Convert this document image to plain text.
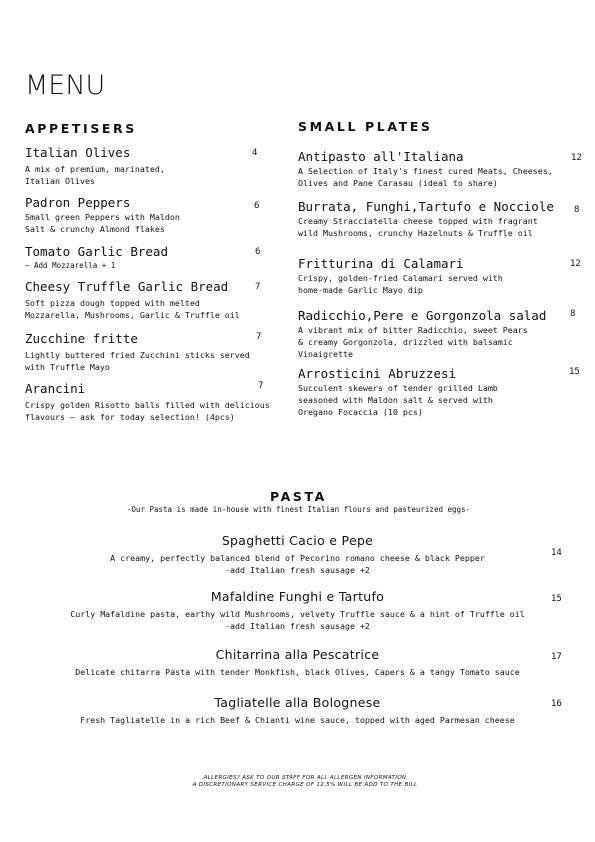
MENU
APPETISERS
Italian Olives
A mix of premium, marinated,
Italian Olives
4
Padron Peppers
Small green Peppers with Maldon
Salt & crunchy Almond flakes
6
Tomato Garlic Bread
– Add Mozzarella + 1
6
Cheesy Truffle Garlic Bread
Soft pizza dough topped with melted
Mozzarella, Mushrooms, Garlic & Truffle oil
7
Zucchine fritte
Lightly buttered fried Zucchini sticks served
with Truffle Mayo
7
Arancini
Crispy golden Risotto balls filled with delicious
flavours – ask for today selection! (4pcs)
7
SMALL PLATES
Antipasto all'Italiana
A Selection of Italy's finest cured Meats, Cheeses,
Olives and Pane Carasau (ideal to share)
12
Burrata, Funghi,Tartufo e Nocciole
Creamy Stracciatella cheese topped with fragrant
wild Mushrooms, crunchy Hazelnuts & Truffle oil
8
Fritturina di Calamari
Crispy, golden-fried Calamari served with
home-made Garlic Mayo dip
12
Radicchio,Pere e Gorgonzola salad
A vibrant mix of bitter Radicchio, sweet Pears
& creamy Gorgonzola, drizzled with balsamic
Vinaigrette
8
Arrosticini Abruzzesi
Succulent skewers of tender grilled Lamb
seasoned with Maldon salt & served with
Oregano Focaccia (10 pcs)
15
PASTA
-Our Pasta is made in-house with finest Italian flours and pasteurized eggs-
Spaghetti Cacio e Pepe
A creamy, perfectly balanced blend of Pecorino romano cheese & black Pepper
-add Italian fresh sausage +2
14
Mafaldine Funghi e Tartufo
Curly Mafaldine pasta, earthy wild Mushrooms, velvety Truffle sauce & a hint of Truffle oil
-add Italian fresh sausage +2
15
Chitarrina alla Pescatrice
Delicate chitarra Pasta with tender Monkfish, black Olives, Capers & a tangy Tomato sauce
17
Tagliatelle alla Bolognese
Fresh Tagliatelle in a rich Beef & Chianti wine sauce, topped with aged Parmesan cheese
16
ALLERGIES? ASK TO OUR STAFF FOR ALL ALLERGEN INFORMATION
A DISCRETIONARY SERVICE CHARGE OF 12.5% WILL BE ADD TO THE BILL
